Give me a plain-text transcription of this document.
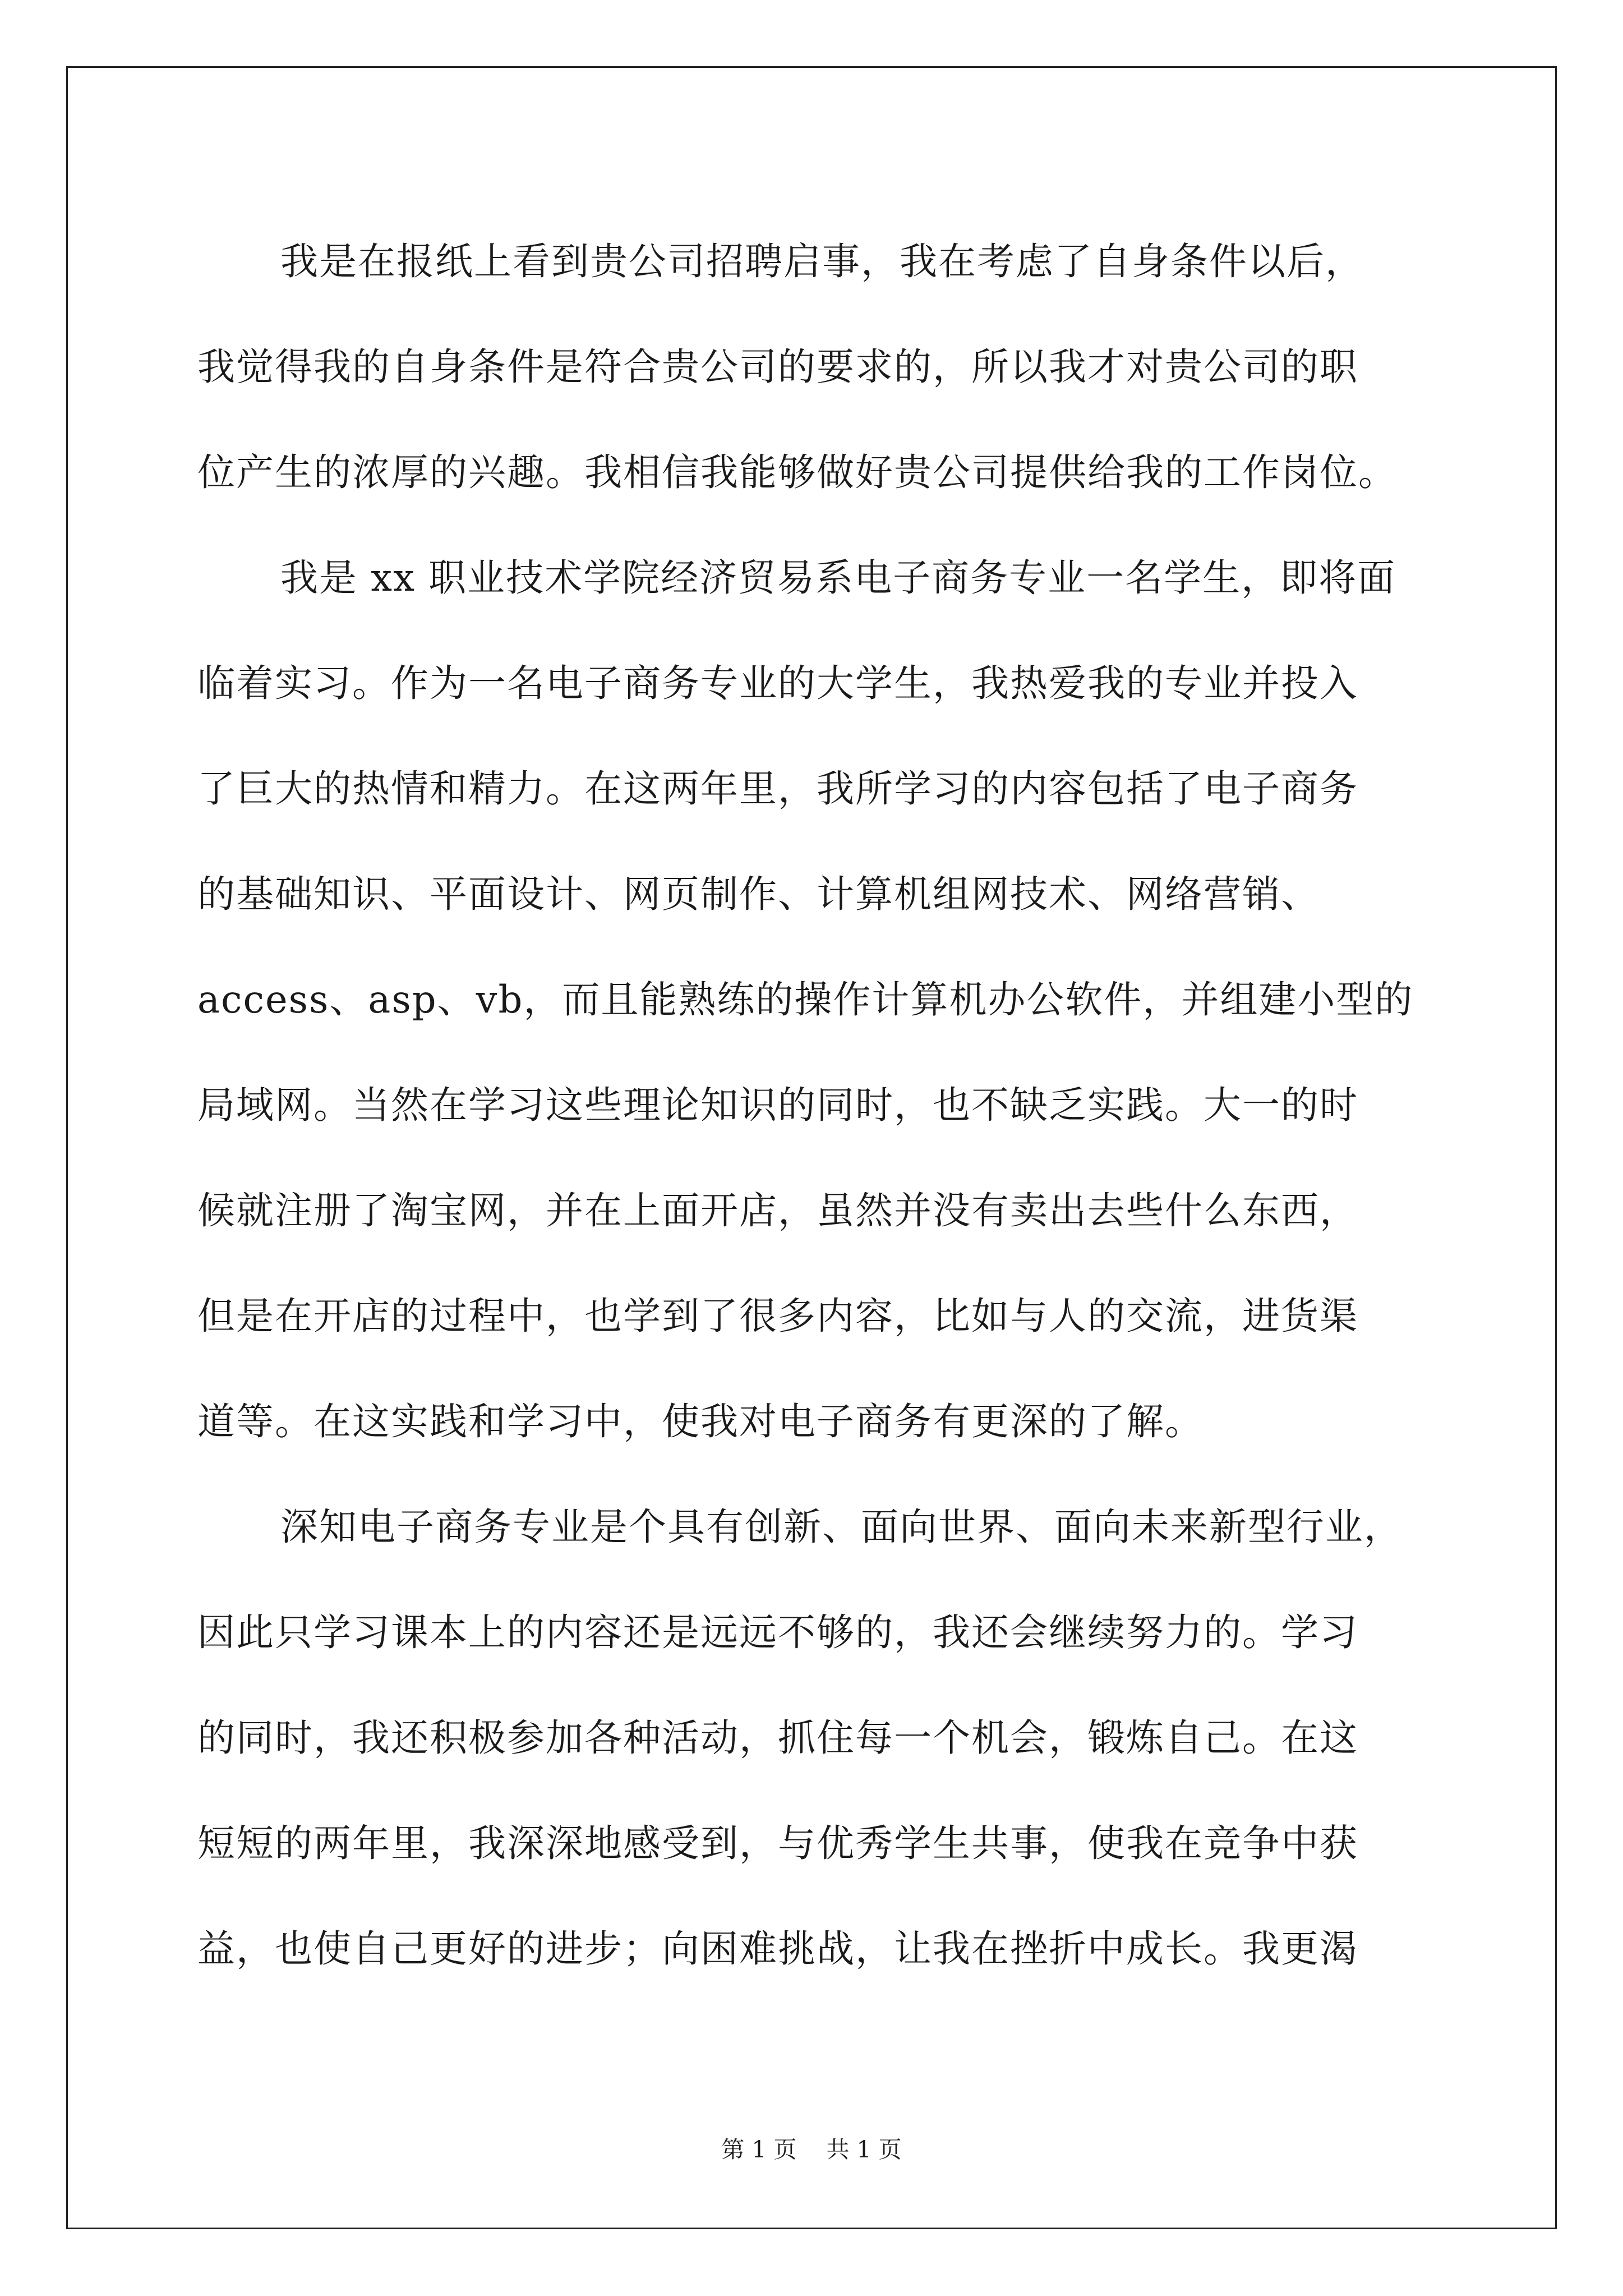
我是在报纸上看到贵公司招聘启事，我在考虑了自身条件以后，
我觉得我的自身条件是符合贵公司的要求的，所以我才对贵公司的职
位产生的浓厚的兴趣。我相信我能够做好贵公司提供给我的工作岗位。
我是 xx 职业技术学院经济贸易系电子商务专业一名学生，即将面
临着实习。作为一名电子商务专业的大学生，我热爱我的专业并投入
了巨大的热情和精力。在这两年里，我所学习的内容包括了电子商务
的基础知识、平面设计、网页制作、计算机组网技术、网络营销、
access、asp、vb，而且能熟练的操作计算机办公软件，并组建小型的
局域网。当然在学习这些理论知识的同时，也不缺乏实践。大一的时
候就注册了淘宝网，并在上面开店，虽然并没有卖出去些什么东西，
但是在开店的过程中，也学到了很多内容，比如与人的交流，进货渠
道等。在这实践和学习中，使我对电子商务有更深的了解。
深知电子商务专业是个具有创新、面向世界、面向未来新型行业，
因此只学习课本上的内容还是远远不够的，我还会继续努力的。学习
的同时，我还积极参加各种活动，抓住每一个机会，锻炼自己。在这
短短的两年里，我深深地感受到，与优秀学生共事，使我在竞争中获
益，也使自己更好的进步；向困难挑战，让我在挫折中成长。我更渴
第 1 页 共 1 页
